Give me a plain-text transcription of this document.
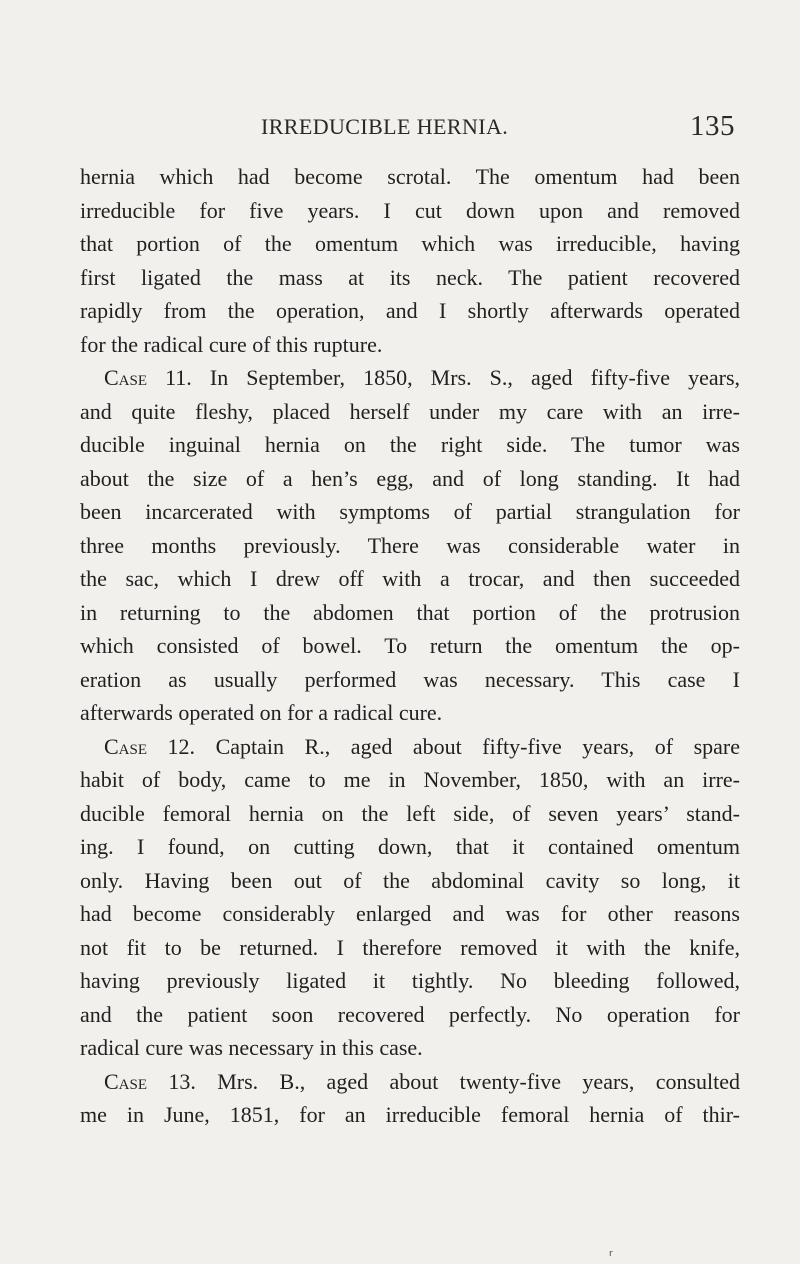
IRREDUCIBLE HERNIA.	135
hernia which had become scrotal. The omentum had been
irreducible for five years. I cut down upon and removed
that portion of the omentum which was irreducible, having
first ligated the mass at its neck. The patient recovered
rapidly from the operation, and I shortly afterwards operated
for the radical cure of this rupture.
Case 11. In September, 1850, Mrs. S., aged fifty-five years,
and quite fleshy, placed herself under my care with an irre-
ducible inguinal hernia on the right side. The tumor was
about the size of a hen’s egg, and of long standing. It had
been incarcerated with symptoms of partial strangulation for
three months previously. There was considerable water in
the sac, which I drew off with a trocar, and then succeeded
in returning to the abdomen that portion of the protrusion
which consisted of bowel. To return the omentum the op-
eration as usually performed was necessary. This case I
afterwards operated on for a radical cure.
Case 12. Captain R., aged about fifty-five years, of spare
habit of body, came to me in November, 1850, with an irre-
ducible femoral hernia on the left side, of seven years’ stand-
ing. I found, on cutting down, that it contained omentum
only. Having been out of the abdominal cavity so long, it
had become considerably enlarged and was for other reasons
not fit to be returned. I therefore removed it with the knife,
having previously ligated it tightly. No bleeding followed,
and the patient soon recovered perfectly. No operation for
radical cure was necessary in this case.
Case 13. Mrs. B., aged about twenty-five years, consulted
me in June, 1851, for an irreducible femoral hernia of thir-
r
